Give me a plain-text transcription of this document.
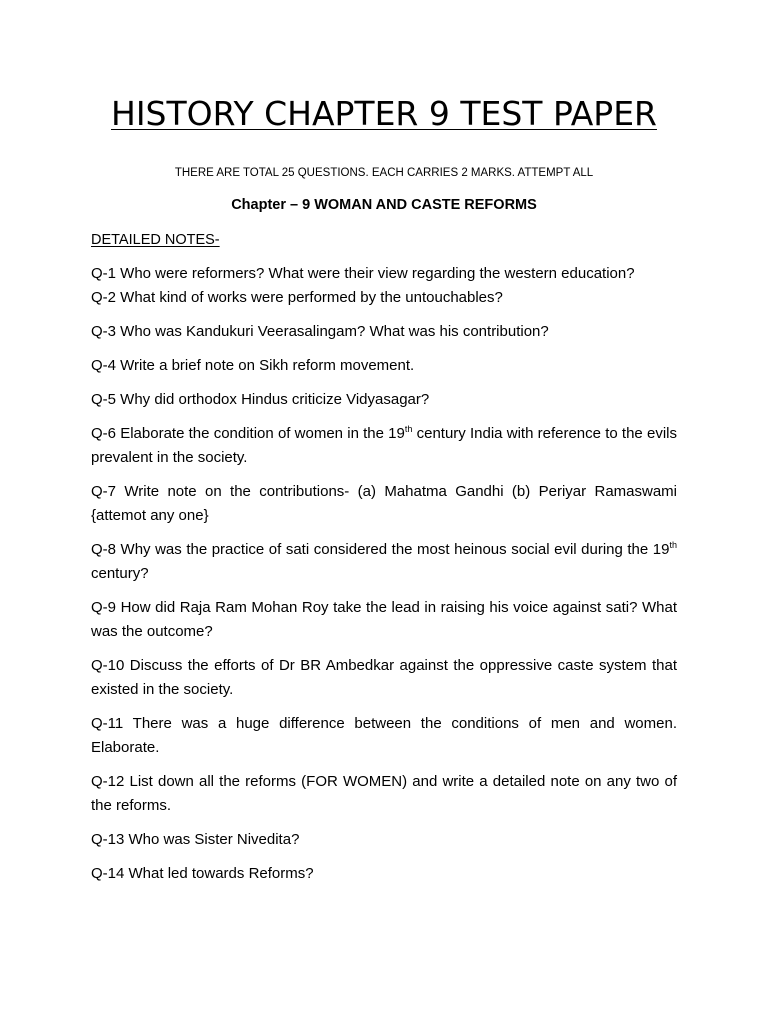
HISTORY CHAPTER 9 TEST PAPER
THERE ARE TOTAL 25 QUESTIONS. EACH CARRIES 2 MARKS. ATTEMPT ALL
Chapter – 9 WOMAN AND CASTE REFORMS
DETAILED NOTES-

Q-1 Who were reformers? What were their view regarding the western education?

Q-2 What kind of works were performed by the untouchables?

Q-3 Who was Kandukuri Veerasalingam? What was his contribution?

Q-4 Write a brief note on Sikh reform movement.

Q-5 Why did orthodox Hindus criticize Vidyasagar?

Q-6 Elaborate the condition of women in the 19th century India with reference to the evils prevalent in the society.

Q-7 Write note on the contributions- (a) Mahatma Gandhi (b) Periyar Ramaswami {attemot any one}

Q-8 Why was the practice of sati considered the most heinous social evil during the 19th century?

Q-9 How did Raja Ram Mohan Roy take the lead in raising his voice against sati? What was the outcome?

Q-10 Discuss the efforts of Dr BR Ambedkar against the oppressive caste system that existed in the society.

Q-11 There was a huge difference between the conditions of men and women. Elaborate.

Q-12 List down all the reforms (FOR WOMEN) and write a detailed note on any two of the reforms.

Q-13 Who was Sister Nivedita?

Q-14 What led towards Reforms?
